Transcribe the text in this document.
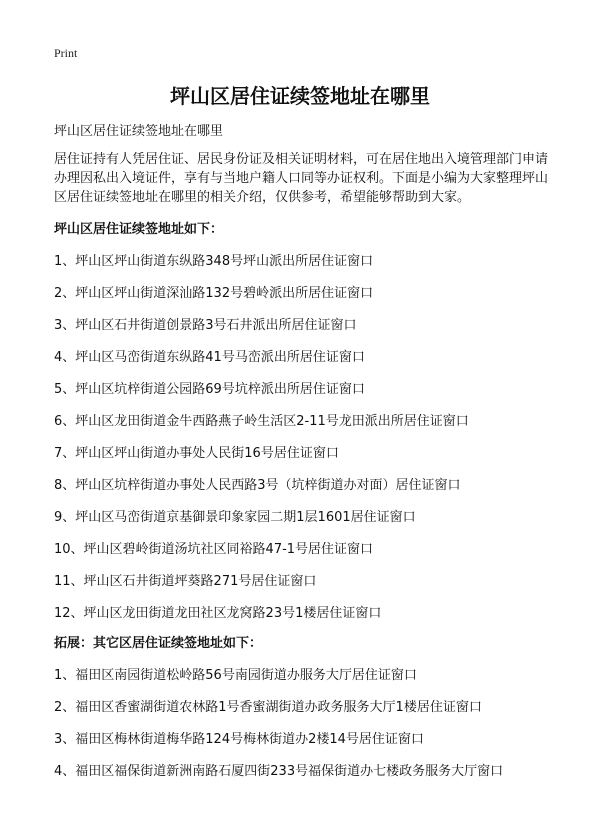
Print
坪山区居住证续签地址在哪里

坪山区居住证续签地址在哪里

居住证持有人凭居住证、居民身份证及相关证明材料，可在居住地出入境管理部门申请办理因私出入境证件，享有与当地户籍人口同等办证权利。下面是小编为大家整理坪山区居住证续签地址在哪里的相关介绍，仅供参考，希望能够帮助到大家。

坪山区居住证续签地址如下：

1、坪山区坪山街道东纵路348号坪山派出所居住证窗口

2、坪山区坪山街道深汕路132号碧岭派出所居住证窗口

3、坪山区石井街道创景路3号石井派出所居住证窗口

4、坪山区马峦街道东纵路41号马峦派出所居住证窗口

5、坪山区坑梓街道公园路69号坑梓派出所居住证窗口

6、坪山区龙田街道金牛西路燕子岭生活区2-11号龙田派出所居住证窗口

7、坪山区坪山街道办事处人民街16号居住证窗口

8、坪山区坑梓街道办事处人民西路3号（坑梓街道办对面）居住证窗口

9、坪山区马峦街道京基御景印象家园二期1层1601居住证窗口

10、坪山区碧岭街道汤坑社区同裕路47-1号居住证窗口

11、坪山区石井街道坪葵路271号居住证窗口

12、坪山区龙田街道龙田社区龙窝路23号1楼居住证窗口

拓展：其它区居住证续签地址如下：

1、福田区南园街道松岭路56号南园街道办服务大厅居住证窗口

2、福田区香蜜湖街道农林路1号香蜜湖街道办政务服务大厅1楼居住证窗口

3、福田区梅林街道梅华路124号梅林街道办2楼14号居住证窗口

4、福田区福保街道新洲南路石厦四街233号福保街道办七楼政务服务大厅窗口
